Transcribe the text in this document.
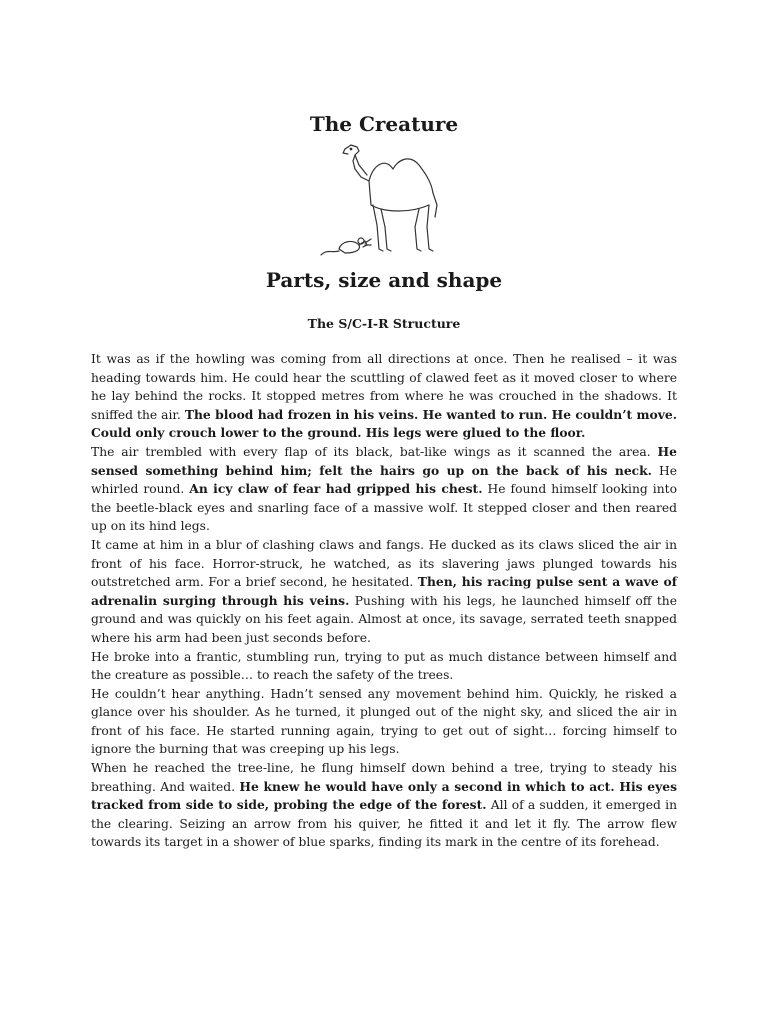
The Creature
Parts, size and shape
The S/C-I-R Structure

It was as if the howling was coming from all directions at once. Then he realised – it was heading towards him. He could hear the scuttling of clawed feet as it moved closer to where he lay behind the rocks. It stopped metres from where he was crouched in the shadows. It sniffed the air. The blood had frozen in his veins. He wanted to run. He couldn’t move. Could only crouch lower to the ground. His legs were glued to the floor.

The air trembled with every flap of its black, bat-like wings as it scanned the area. He sensed something behind him; felt the hairs go up on the back of his neck. He whirled round. An icy claw of fear had gripped his chest. He found himself looking into the beetle-black eyes and snarling face of a massive wolf. It stepped closer and then reared up on its hind legs.

It came at him in a blur of clashing claws and fangs. He ducked as its claws sliced the air in front of his face. Horror-struck, he watched, as its slavering jaws plunged towards his outstretched arm. For a brief second, he hesitated. Then, his racing pulse sent a wave of adrenalin surging through his veins. Pushing with his legs, he launched himself off the ground and was quickly on his feet again. Almost at once, its savage, serrated teeth snapped where his arm had been just seconds before.

He broke into a frantic, stumbling run, trying to put as much distance between himself and the creature as possible… to reach the safety of the trees.

He couldn’t hear anything. Hadn’t sensed any movement behind him. Quickly, he risked a glance over his shoulder. As he turned, it plunged out of the night sky, and sliced the air in front of his face. He started running again, trying to get out of sight… forcing himself to ignore the burning that was creeping up his legs.

When he reached the tree-line, he flung himself down behind a tree, trying to steady his breathing. And waited. He knew he would have only a second in which to act. His eyes tracked from side to side, probing the edge of the forest. All of a sudden, it emerged in the clearing. Seizing an arrow from his quiver, he fitted it and let it fly. The arrow flew towards its target in a shower of blue sparks, finding its mark in the centre of its forehead.
